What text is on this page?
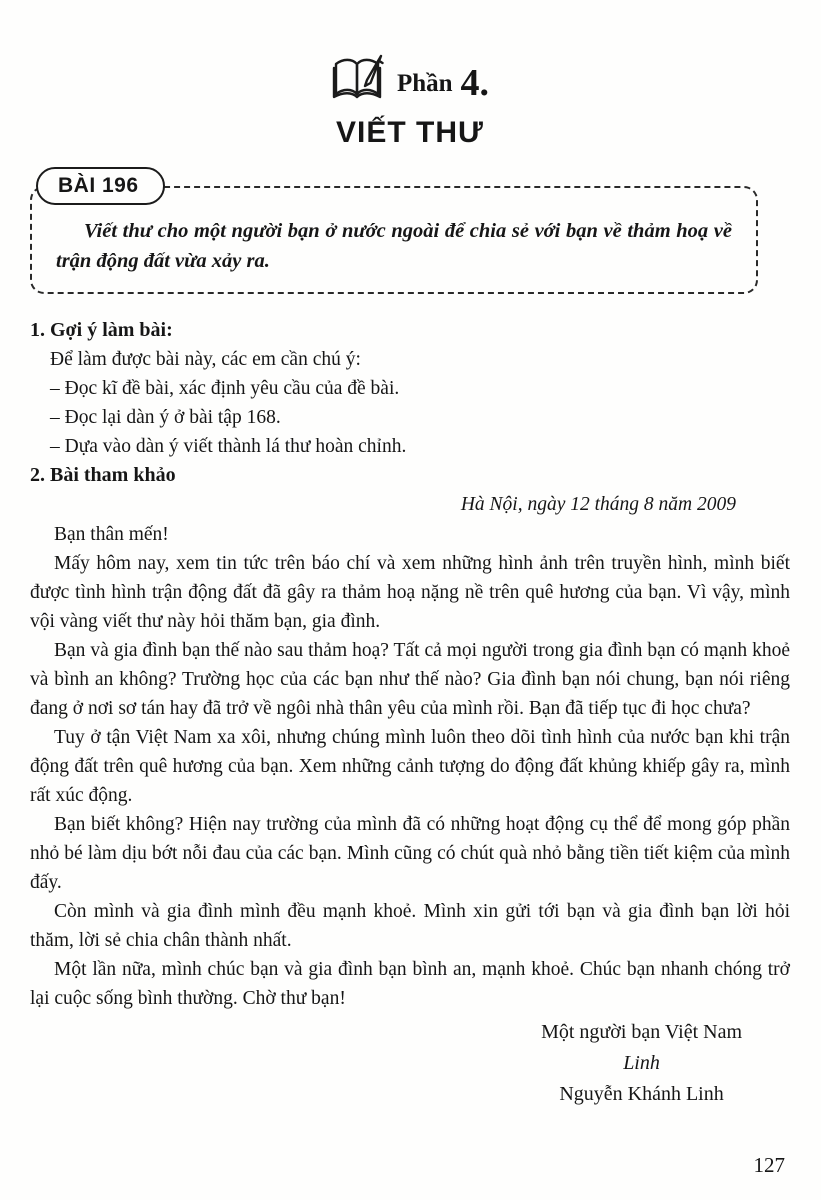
Phần 4.
VIẾT THƯ
BÀI 196

Viết thư cho một người bạn ở nước ngoài để chia sẻ với bạn về thảm hoạ về trận động đất vừa xảy ra.

1. Gợi ý làm bài:

Để làm được bài này, các em cần chú ý:

– Đọc kĩ đề bài, xác định yêu cầu của đề bài.

– Đọc lại dàn ý ở bài tập 168.

– Dựa vào dàn ý viết thành lá thư hoàn chỉnh.

2. Bài tham khảo

Hà Nội, ngày 12 tháng 8 năm 2009

Bạn thân mến!

Mấy hôm nay, xem tin tức trên báo chí và xem những hình ảnh trên truyền hình, mình biết được tình hình trận động đất đã gây ra thảm hoạ nặng nề trên quê hương của bạn. Vì vậy, mình vội vàng viết thư này hỏi thăm bạn, gia đình.

Bạn và gia đình bạn thế nào sau thảm hoạ? Tất cả mọi người trong gia đình bạn có mạnh khoẻ và bình an không? Trường học của các bạn như thế nào? Gia đình bạn nói chung, bạn nói riêng đang ở nơi sơ tán hay đã trở về ngôi nhà thân yêu của mình rồi. Bạn đã tiếp tục đi học chưa?

Tuy ở tận Việt Nam xa xôi, nhưng chúng mình luôn theo dõi tình hình của nước bạn khi trận động đất trên quê hương của bạn. Xem những cảnh tượng do động đất khủng khiếp gây ra, mình rất xúc động.

Bạn biết không? Hiện nay trường của mình đã có những hoạt động cụ thể để mong góp phần nhỏ bé làm dịu bớt nỗi đau của các bạn. Mình cũng có chút quà nhỏ bằng tiền tiết kiệm của mình đấy.

Còn mình và gia đình mình đều mạnh khoẻ. Mình xin gửi tới bạn và gia đình bạn lời hỏi thăm, lời sẻ chia chân thành nhất.

Một lần nữa, mình chúc bạn và gia đình bạn bình an, mạnh khoẻ. Chúc bạn nhanh chóng trở lại cuộc sống bình thường. Chờ thư bạn!

Một người bạn Việt Nam

Linh

Nguyễn Khánh Linh

127
